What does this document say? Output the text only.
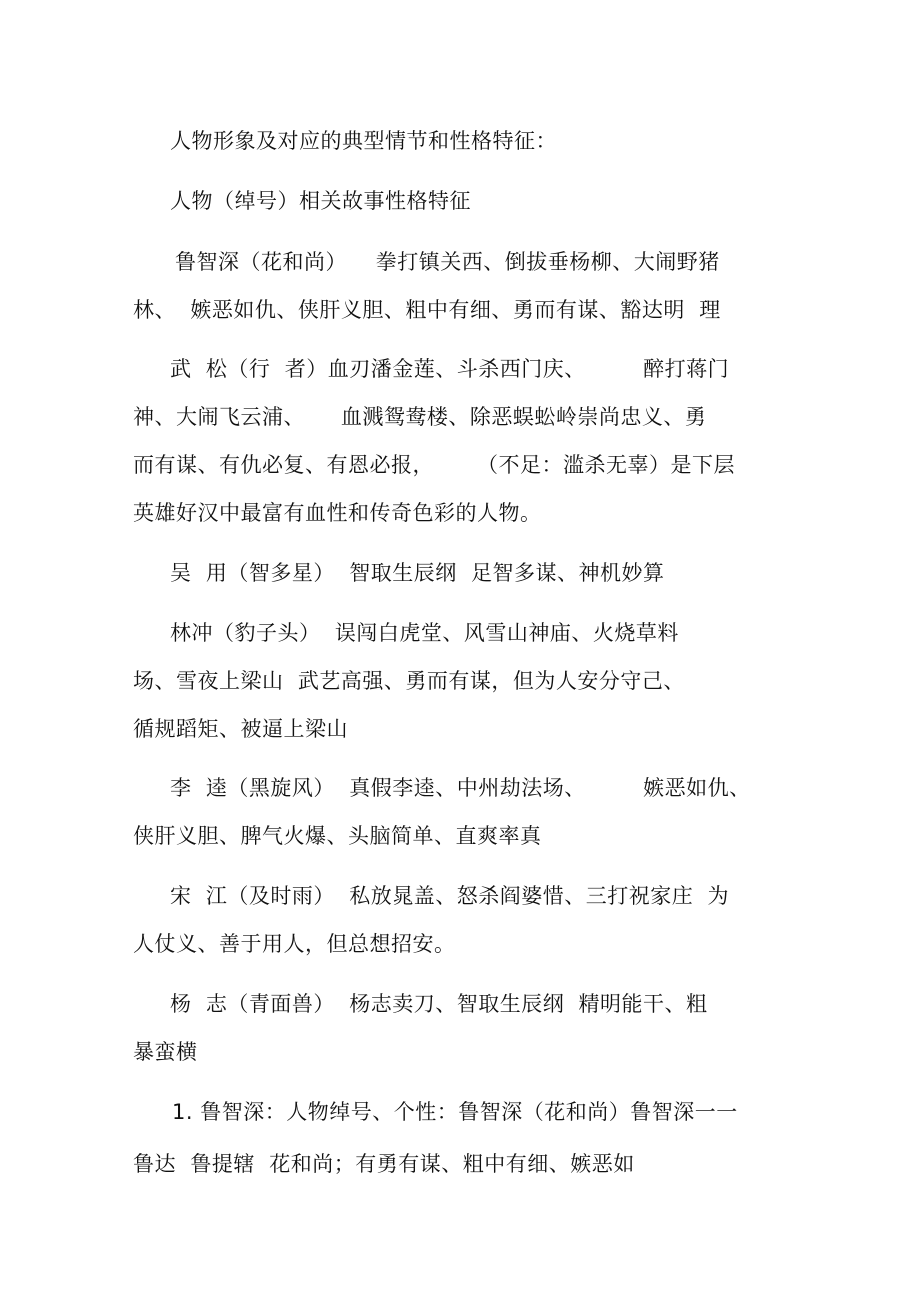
人物形象及对应的典型情节和性格特征：
人物（绰号）相关故事性格特征
鲁智深（花和尚）    拳打镇关西、倒拔垂杨柳、大闹野猪
林、  嫉恶如仇、侠肝义胆、粗中有细、勇而有谋、豁达明  理
武  松（行  者）血刃潘金莲、斗杀西门庆、        醉打蒋门
神、大闹飞云浦、     血溅鸳鸯楼、除恶蜈蚣岭崇尚忠义、勇
而有谋、有仇必复、有恩必报，      （不足：滥杀无辜）是下层
英雄好汉中最富有血性和传奇色彩的人物。
吴  用（智多星）  智取生辰纲  足智多谋、神机妙算
林冲（豹子头）  误闯白虎堂、风雪山神庙、火烧草料
场、雪夜上梁山  武艺高强、勇而有谋，但为人安分守己、
循规蹈矩、被逼上梁山
李  逵（黑旋风）  真假李逵、中州劫法场、        嫉恶如仇、
侠肝义胆、脾气火爆、头脑简单、直爽率真
宋  江（及时雨）  私放晁盖、怒杀阎婆惜、三打祝家庄  为
人仗义、善于用人，但总想招安。
杨  志（青面兽）  杨志卖刀、智取生辰纲  精明能干、粗
暴蛮横
1. 鲁智深：人物绰号、个性：鲁智深（花和尚）鲁智深一一
鲁达  鲁提辖  花和尚；有勇有谋、粗中有细、嫉恶如
